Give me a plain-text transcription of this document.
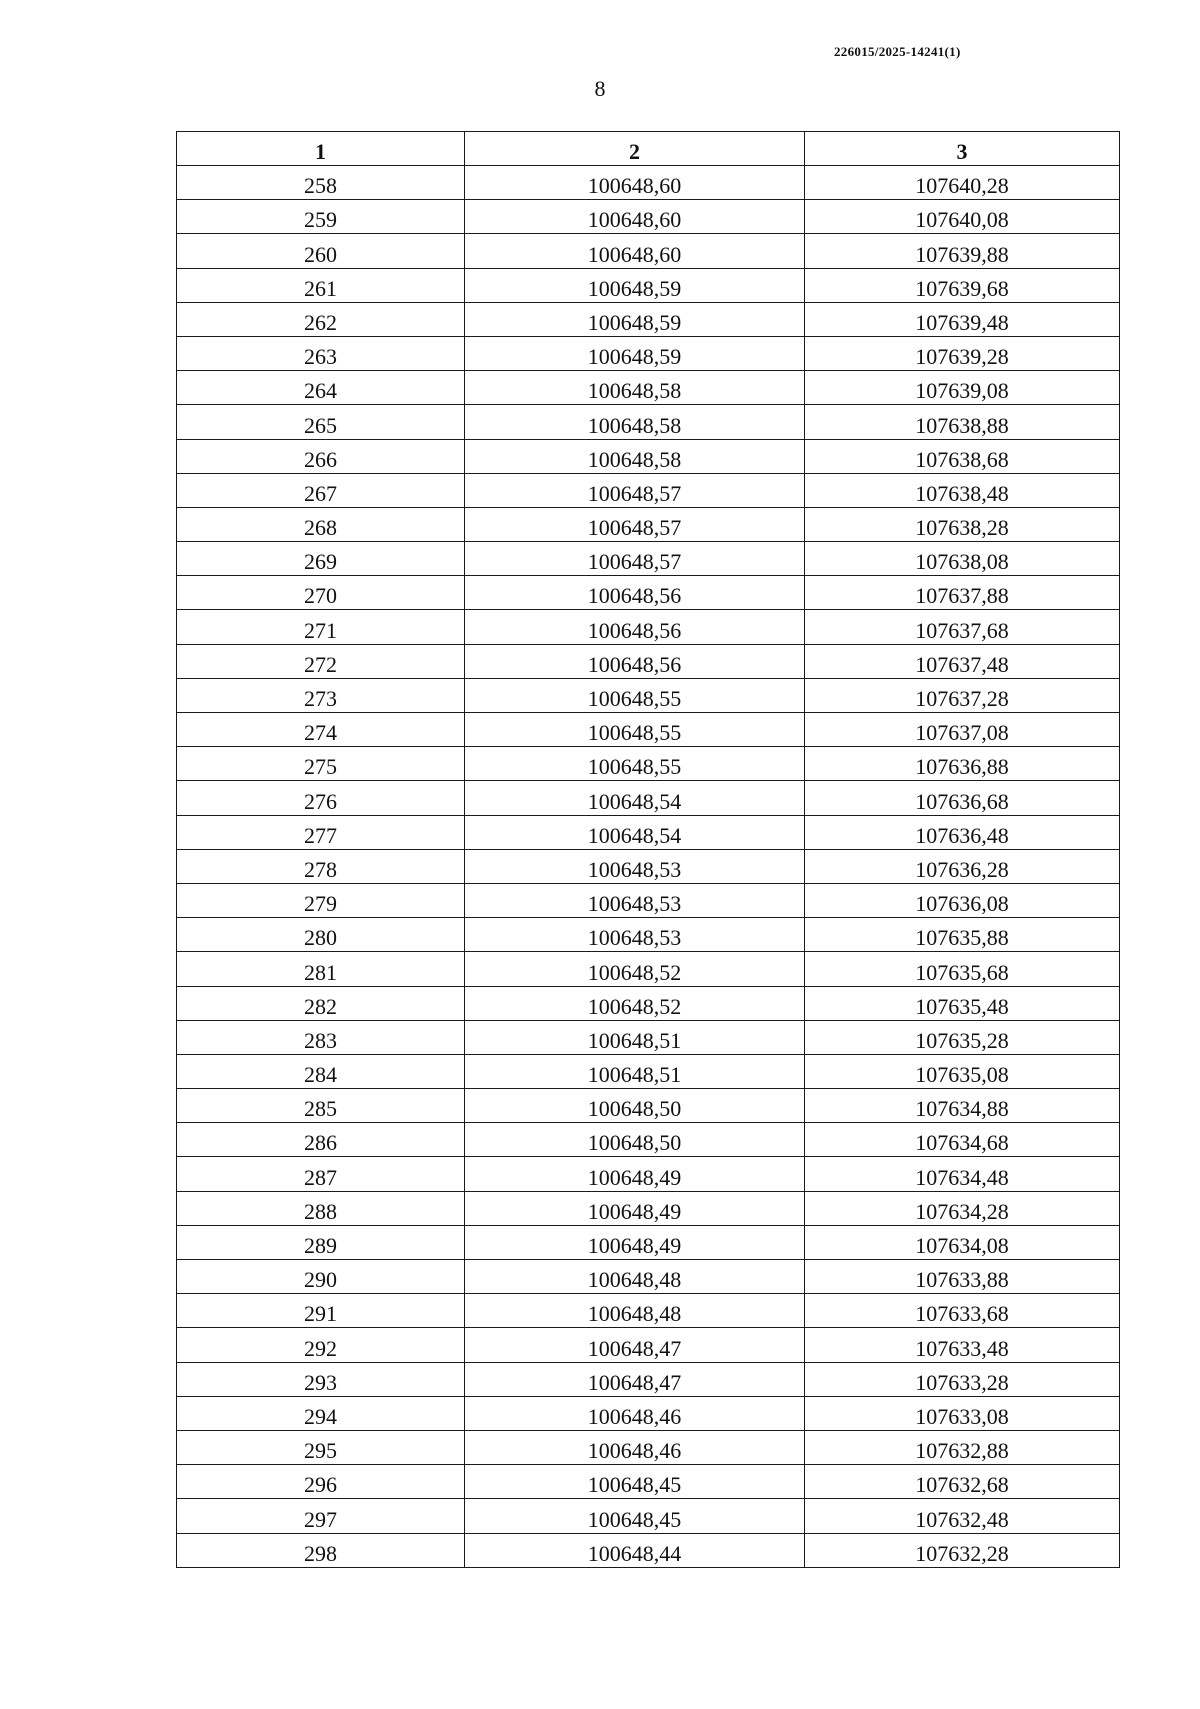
226015/2025-14241(1)
8
1	2	3
258	100648,60	107640,28
259	100648,60	107640,08
260	100648,60	107639,88
261	100648,59	107639,68
262	100648,59	107639,48
263	100648,59	107639,28
264	100648,58	107639,08
265	100648,58	107638,88
266	100648,58	107638,68
267	100648,57	107638,48
268	100648,57	107638,28
269	100648,57	107638,08
270	100648,56	107637,88
271	100648,56	107637,68
272	100648,56	107637,48
273	100648,55	107637,28
274	100648,55	107637,08
275	100648,55	107636,88
276	100648,54	107636,68
277	100648,54	107636,48
278	100648,53	107636,28
279	100648,53	107636,08
280	100648,53	107635,88
281	100648,52	107635,68
282	100648,52	107635,48
283	100648,51	107635,28
284	100648,51	107635,08
285	100648,50	107634,88
286	100648,50	107634,68
287	100648,49	107634,48
288	100648,49	107634,28
289	100648,49	107634,08
290	100648,48	107633,88
291	100648,48	107633,68
292	100648,47	107633,48
293	100648,47	107633,28
294	100648,46	107633,08
295	100648,46	107632,88
296	100648,45	107632,68
297	100648,45	107632,48
298	100648,44	107632,28
